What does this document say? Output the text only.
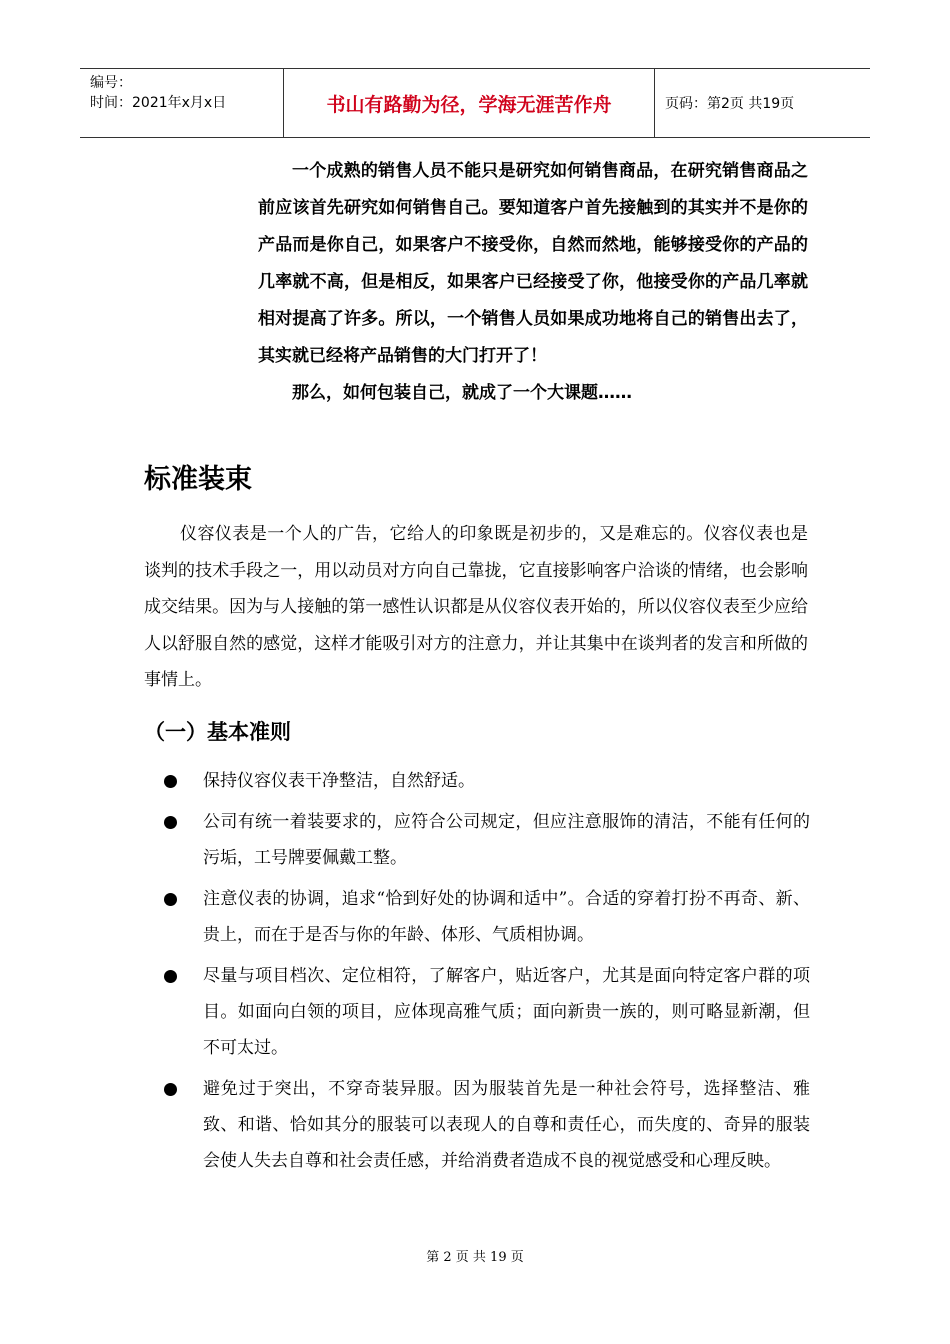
编号：
时间：2021年x月x日	书山有路勤为径，学海无涯苦作舟	页码：第2页 共19页

一个成熟的销售人员不能只是研究如何销售商品，在研究销售商品之前应该首先研究如何销售自己。要知道客户首先接触到的其实并不是你的产品而是你自己，如果客户不接受你，自然而然地，能够接受你的产品的几率就不高，但是相反，如果客户已经接受了你，他接受你的产品几率就相对提高了许多。所以，一个销售人员如果成功地将自己的销售出去了，其实就已经将产品销售的大门打开了！

那么，如何包装自己，就成了一个大课题……

标准装束

仪容仪表是一个人的广告，它给人的印象既是初步的，又是难忘的。仪容仪表也是谈判的技术手段之一，用以动员对方向自己靠拢，它直接影响客户洽谈的情绪，也会影响成交结果。因为与人接触的第一感性认识都是从仪容仪表开始的，所以仪容仪表至少应给人以舒服自然的感觉，这样才能吸引对方的注意力，并让其集中在谈判者的发言和所做的事情上。

（一）基本准则
保持仪容仪表干净整洁，自然舒适。
公司有统一着装要求的，应符合公司规定，但应注意服饰的清洁，不能有任何的污垢，工号牌要佩戴工整。
注意仪表的协调，追求“恰到好处的协调和适中”。合适的穿着打扮不再奇、新、贵上，而在于是否与你的年龄、体形、气质相协调。
尽量与项目档次、定位相符，了解客户，贴近客户，尤其是面向特定客户群的项目。如面向白领的项目，应体现高雅气质；面向新贵一族的，则可略显新潮，但不可太过。
避免过于突出，不穿奇装异服。因为服装首先是一种社会符号，选择整洁、雅致、和谐、恰如其分的服装可以表现人的自尊和责任心，而失度的、奇异的服装会使人失去自尊和社会责任感，并给消费者造成不良的视觉感受和心理反映。
第 2 页 共 19 页
